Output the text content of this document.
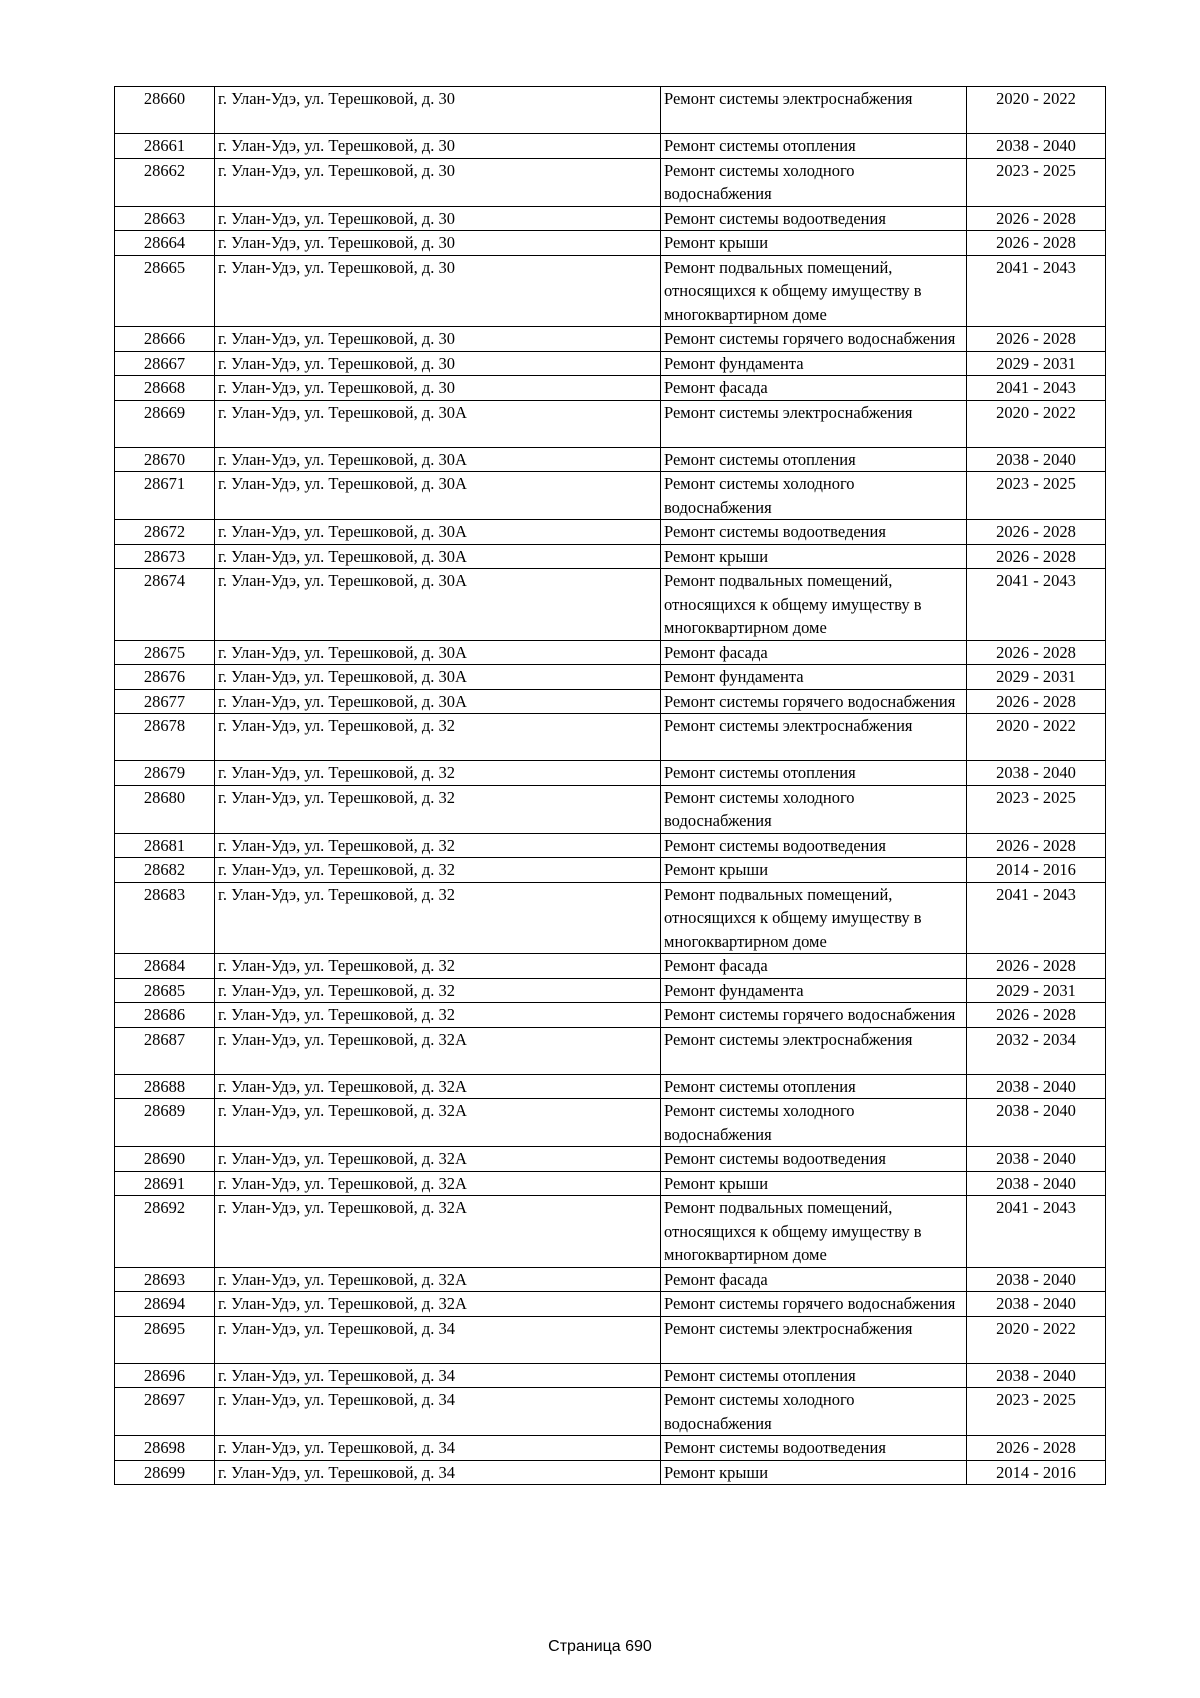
28660	г. Улан-Удэ, ул. Терешковой, д. 30	Ремонт системы электроснабжения	2020 - 2022
28661	г. Улан-Удэ, ул. Терешковой, д. 30	Ремонт системы отопления	2038 - 2040
28662	г. Улан-Удэ, ул. Терешковой, д. 30	Ремонт системы холодного водоснабжения	2023 - 2025
28663	г. Улан-Удэ, ул. Терешковой, д. 30	Ремонт системы водоотведения	2026 - 2028
28664	г. Улан-Удэ, ул. Терешковой, д. 30	Ремонт крыши	2026 - 2028
28665	г. Улан-Удэ, ул. Терешковой, д. 30	Ремонт подвальных помещений, относящихся к общему имуществу в многоквартирном доме	2041 - 2043
28666	г. Улан-Удэ, ул. Терешковой, д. 30	Ремонт системы горячего водоснабжения	2026 - 2028
28667	г. Улан-Удэ, ул. Терешковой, д. 30	Ремонт фундамента	2029 - 2031
28668	г. Улан-Удэ, ул. Терешковой, д. 30	Ремонт фасада	2041 - 2043
28669	г. Улан-Удэ, ул. Терешковой, д. 30А	Ремонт системы электроснабжения	2020 - 2022
28670	г. Улан-Удэ, ул. Терешковой, д. 30А	Ремонт системы отопления	2038 - 2040
28671	г. Улан-Удэ, ул. Терешковой, д. 30А	Ремонт системы холодного водоснабжения	2023 - 2025
28672	г. Улан-Удэ, ул. Терешковой, д. 30А	Ремонт системы водоотведения	2026 - 2028
28673	г. Улан-Удэ, ул. Терешковой, д. 30А	Ремонт крыши	2026 - 2028
28674	г. Улан-Удэ, ул. Терешковой, д. 30А	Ремонт подвальных помещений, относящихся к общему имуществу в многоквартирном доме	2041 - 2043
28675	г. Улан-Удэ, ул. Терешковой, д. 30А	Ремонт фасада	2026 - 2028
28676	г. Улан-Удэ, ул. Терешковой, д. 30А	Ремонт фундамента	2029 - 2031
28677	г. Улан-Удэ, ул. Терешковой, д. 30А	Ремонт системы горячего водоснабжения	2026 - 2028
28678	г. Улан-Удэ, ул. Терешковой, д. 32	Ремонт системы электроснабжения	2020 - 2022
28679	г. Улан-Удэ, ул. Терешковой, д. 32	Ремонт системы отопления	2038 - 2040
28680	г. Улан-Удэ, ул. Терешковой, д. 32	Ремонт системы холодного водоснабжения	2023 - 2025
28681	г. Улан-Удэ, ул. Терешковой, д. 32	Ремонт системы водоотведения	2026 - 2028
28682	г. Улан-Удэ, ул. Терешковой, д. 32	Ремонт крыши	2014 - 2016
28683	г. Улан-Удэ, ул. Терешковой, д. 32	Ремонт подвальных помещений, относящихся к общему имуществу в многоквартирном доме	2041 - 2043
28684	г. Улан-Удэ, ул. Терешковой, д. 32	Ремонт фасада	2026 - 2028
28685	г. Улан-Удэ, ул. Терешковой, д. 32	Ремонт фундамента	2029 - 2031
28686	г. Улан-Удэ, ул. Терешковой, д. 32	Ремонт системы горячего водоснабжения	2026 - 2028
28687	г. Улан-Удэ, ул. Терешковой, д. 32А	Ремонт системы электроснабжения	2032 - 2034
28688	г. Улан-Удэ, ул. Терешковой, д. 32А	Ремонт системы отопления	2038 - 2040
28689	г. Улан-Удэ, ул. Терешковой, д. 32А	Ремонт системы холодного водоснабжения	2038 - 2040
28690	г. Улан-Удэ, ул. Терешковой, д. 32А	Ремонт системы водоотведения	2038 - 2040
28691	г. Улан-Удэ, ул. Терешковой, д. 32А	Ремонт крыши	2038 - 2040
28692	г. Улан-Удэ, ул. Терешковой, д. 32А	Ремонт подвальных помещений, относящихся к общему имуществу в многоквартирном доме	2041 - 2043
28693	г. Улан-Удэ, ул. Терешковой, д. 32А	Ремонт фасада	2038 - 2040
28694	г. Улан-Удэ, ул. Терешковой, д. 32А	Ремонт системы горячего водоснабжения	2038 - 2040
28695	г. Улан-Удэ, ул. Терешковой, д. 34	Ремонт системы электроснабжения	2020 - 2022
28696	г. Улан-Удэ, ул. Терешковой, д. 34	Ремонт системы отопления	2038 - 2040
28697	г. Улан-Удэ, ул. Терешковой, д. 34	Ремонт системы холодного водоснабжения	2023 - 2025
28698	г. Улан-Удэ, ул. Терешковой, д. 34	Ремонт системы водоотведения	2026 - 2028
28699	г. Улан-Удэ, ул. Терешковой, д. 34	Ремонт крыши	2014 - 2016
Страница 690
